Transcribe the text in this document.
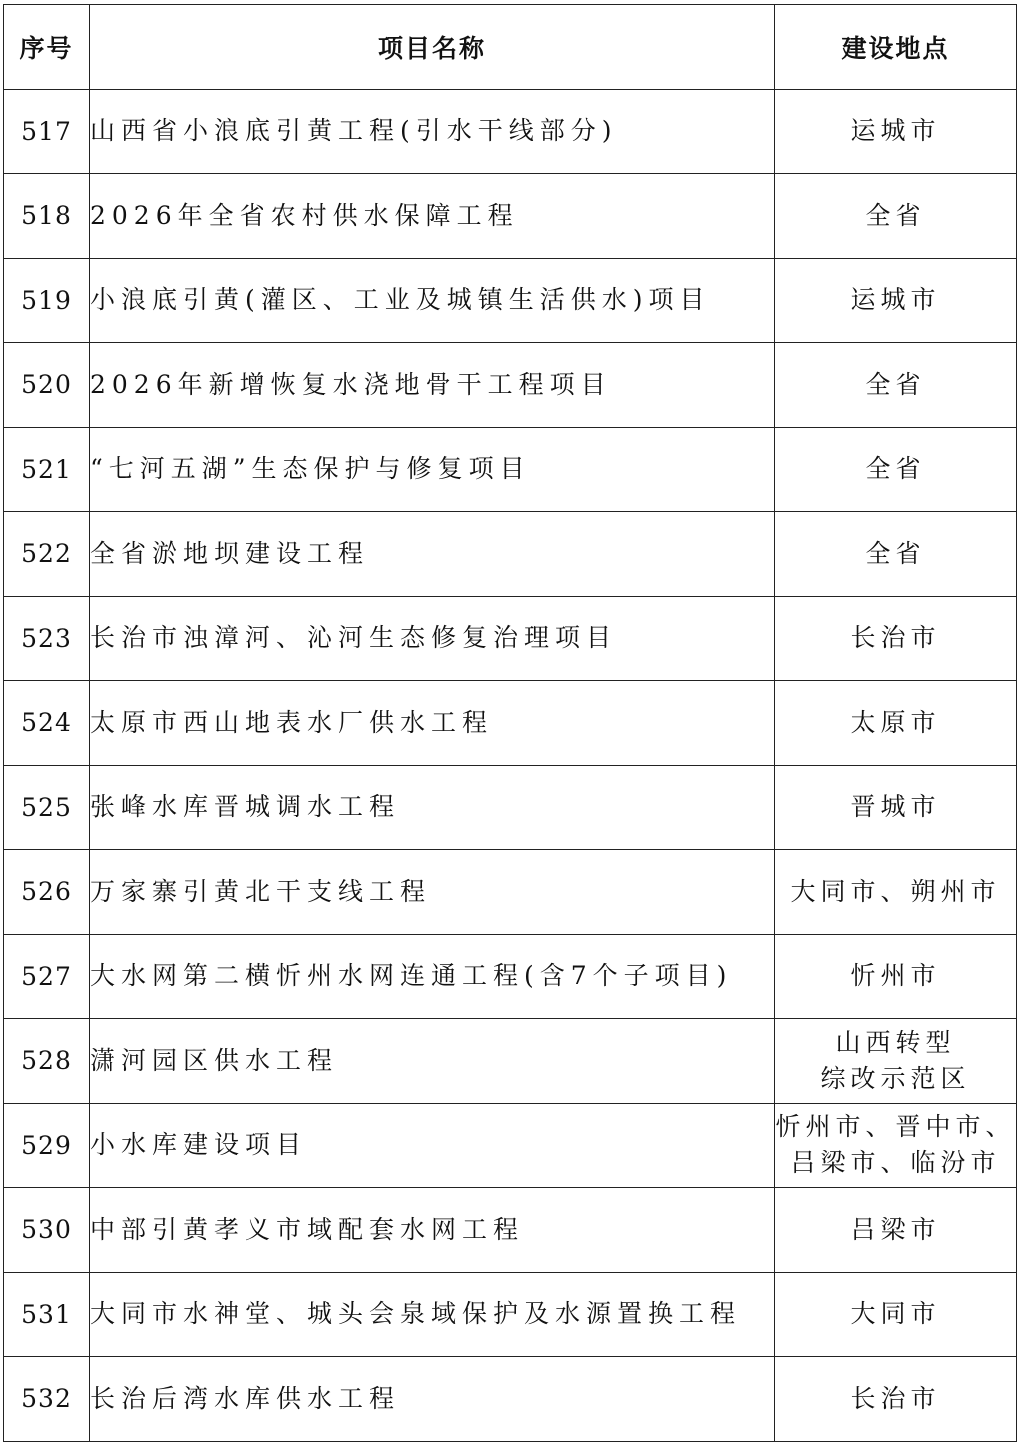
序号	项目名称	建设地点
517	山西省小浪底引黄工程(引水干线部分)	运城市

518	2026年全省农村供水保障工程	全省

519	小浪底引黄(灌区、工业及城镇生活供水)项目	运城市

520	2026年新增恢复水浇地骨干工程项目	全省

521	“七河五湖”生态保护与修复项目	全省

522	全省淤地坝建设工程	全省

523	长治市浊漳河、沁河生态修复治理项目	长治市

524	太原市西山地表水厂供水工程	太原市

525	张峰水库晋城调水工程	晋城市

526	万家寨引黄北干支线工程	大同市、朔州市

527	大水网第二横忻州水网连通工程(含7个子项目)	忻州市

528	潇河园区供水工程	山西转型
综改示范区

529	小水库建设项目	忻州市、晋中市、
吕梁市、临汾市

530	中部引黄孝义市域配套水网工程	吕梁市

531	大同市水神堂、城头会泉域保护及水源置换工程	大同市

532	长治后湾水库供水工程	长治市
